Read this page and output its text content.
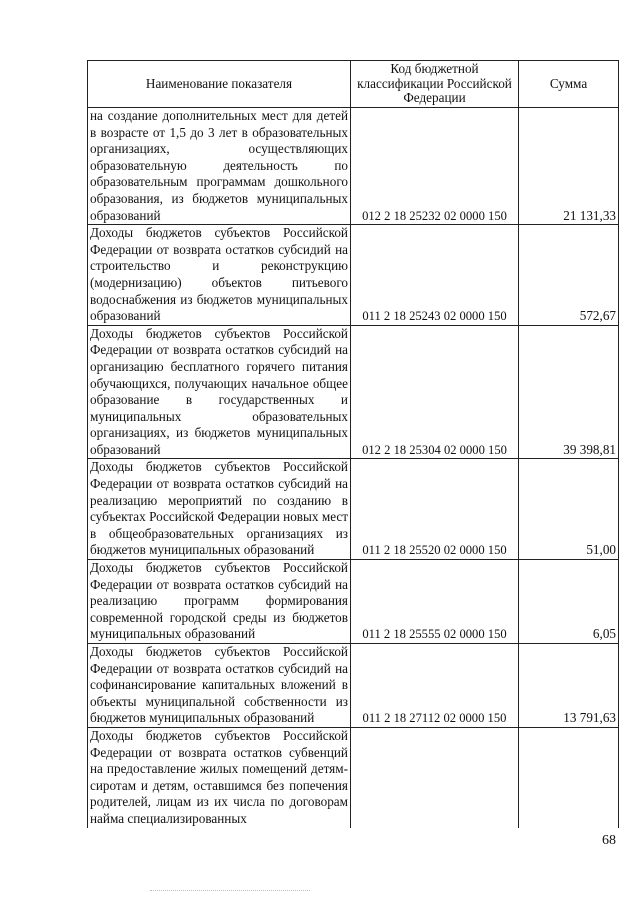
Наименование показателя	Код бюджетной классификации Российской Федерации	Сумма
на создание дополнительных мест для детей в возрасте от 1,5 до 3 лет в образовательных организациях, осуществляющих образовательную деятельность по образовательным программам дошкольного образования, из бюджетов муниципальных образований	012 2 18 25232 02 0000 150	21 131,33
Доходы бюджетов субъектов Российской Федерации от возврата остатков субсидий на строительство и реконструкцию (модернизацию) объектов питьевого водоснабжения из бюджетов муниципальных образований	011 2 18 25243 02 0000 150	572,67
Доходы бюджетов субъектов Российской Федерации от возврата остатков субсидий на организацию бесплатного горячего питания обучающихся, получающих начальное общее образование в государственных и муниципальных образовательных организациях, из бюджетов муниципальных образований	012 2 18 25304 02 0000 150	39 398,81
Доходы бюджетов субъектов Российской Федерации от возврата остатков субсидий на реализацию мероприятий по созданию в субъектах Российской Федерации новых мест в общеобразовательных организациях из бюджетов муниципальных образований	011 2 18 25520 02 0000 150	51,00
Доходы бюджетов субъектов Российской Федерации от возврата остатков субсидий на реализацию программ формирования современной городской среды из бюджетов муниципальных образований	011 2 18 25555 02 0000 150	6,05
Доходы бюджетов субъектов Российской Федерации от возврата остатков субсидий на софинансирование капитальных вложений в объекты муниципальной собственности из бюджетов муниципальных образований	011 2 18 27112 02 0000 150	13 791,63
Доходы бюджетов субъектов Российской Федерации от возврата остатков субвенций на предоставление жилых помещений детям-сиротам и детям, оставшимся без попечения родителей, лицам из их числа по договорам найма специализированных		
68
